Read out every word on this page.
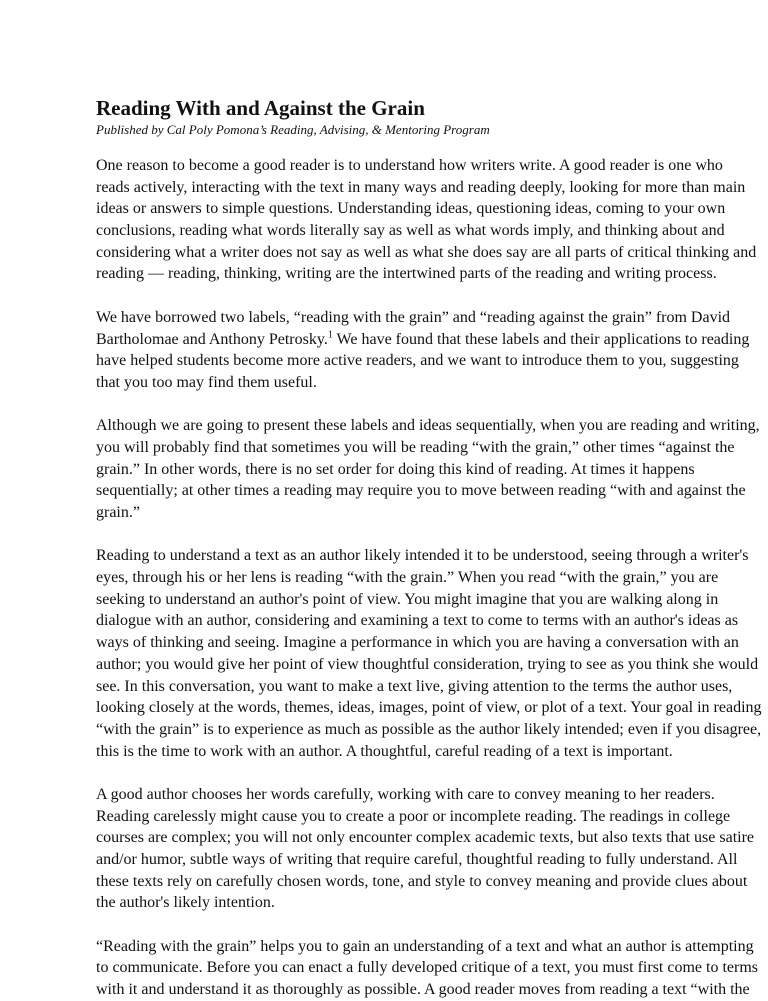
Reading With and Against the Grain

Published by Cal Poly Pomona’s Reading, Advising, & Mentoring Program

One reason to become a good reader is to understand how writers write. A good reader is one who
reads actively, interacting with the text in many ways and reading deeply, looking for more than main
ideas or answers to simple questions. Understanding ideas, questioning ideas, coming to your own
conclusions, reading what words literally say as well as what words imply, and thinking about and
considering what a writer does not say as well as what she does say are all parts of critical thinking and
reading — reading, thinking, writing are the intertwined parts of the reading and writing process.
We have borrowed two labels, “reading with the grain” and “reading against the grain” from David
Bartholomae and Anthony Petrosky.$^1$ We have found that these labels and their applications to reading
have helped students become more active readers, and we want to introduce them to you, suggesting
that you too may find them useful.
Although we are going to present these labels and ideas sequentially, when you are reading and writing,
you will probably find that sometimes you will be reading “with the grain,” other times “against the
grain.” In other words, there is no set order for doing this kind of reading. At times it happens
sequentially; at other times a reading may require you to move between reading “with and against the
grain.”
Reading to understand a text as an author likely intended it to be understood, seeing through a writer's
eyes, through his or her lens is reading “with the grain.” When you read “with the grain,” you are
seeking to understand an author's point of view. You might imagine that you are walking along in
dialogue with an author, considering and examining a text to come to terms with an author's ideas as
ways of thinking and seeing. Imagine a performance in which you are having a conversation with an
author; you would give her point of view thoughtful consideration, trying to see as you think she would
see. In this conversation, you want to make a text live, giving attention to the terms the author uses,
looking closely at the words, themes, ideas, images, point of view, or plot of a text. Your goal in reading
“with the grain” is to experience as much as possible as the author likely intended; even if you disagree,
this is the time to work with an author. A thoughtful, careful reading of a text is important.
A good author chooses her words carefully, working with care to convey meaning to her readers.
Reading carelessly might cause you to create a poor or incomplete reading. The readings in college
courses are complex; you will not only encounter complex academic texts, but also texts that use satire
and/or humor, subtle ways of writing that require careful, thoughtful reading to fully understand. All
these texts rely on carefully chosen words, tone, and style to convey meaning and provide clues about
the author's likely intention.
“Reading with the grain” helps you to gain an understanding of a text and what an author is attempting
to communicate. Before you can enact a fully developed critique of a text, you must first come to terms
with it and understand it as thoroughly as possible. A good reader moves from reading a text “with the
